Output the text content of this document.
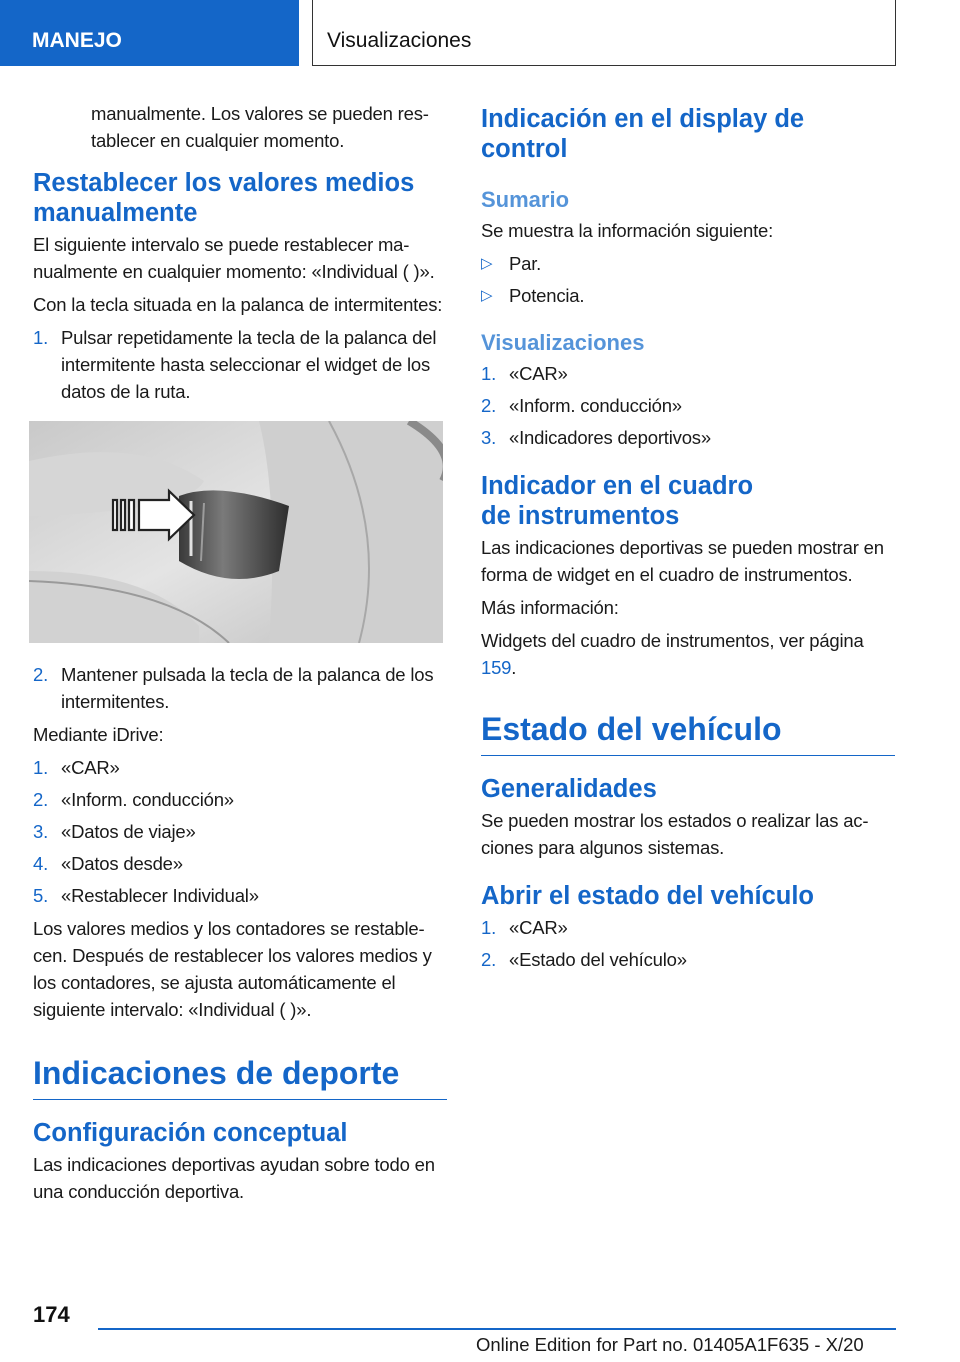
MANEJO	Visualizaciones

manualmente. Los valores se pueden restablecer en cualquier momento.

Restablecer los valores medios manualmente

El siguiente intervalo se puede restablecer manualmente en cualquier momento: «Individual ( )».

Con la tecla situada en la palanca de intermitentes:

1. Pulsar repetidamente la tecla de la palanca del intermitente hasta seleccionar el widget de los datos de la ruta.
2. Mantener pulsada la tecla de la palanca de los intermitentes.

Mediante iDrive:

1. «CAR»
2. «Inform. conducción»
3. «Datos de viaje»
4. «Datos desde»
5. «Restablecer Individual»

Los valores medios y los contadores se restablecen. Después de restablecer los valores medios y los contadores, se ajusta automáticamente el siguiente intervalo: «Individual ( )».

Indicaciones de deporte
Configuración conceptual

Las indicaciones deportivas ayudan sobre todo en una conducción deportiva.

Indicación en el display de control
Sumario

Se muestra la información siguiente:

▷ Par.
▷ Potencia.
Visualizaciones
1. «CAR»
2. «Inform. conducción»
3. «Indicadores deportivos»
Indicador en el cuadro de instrumentos

Las indicaciones deportivas se pueden mostrar en forma de widget en el cuadro de instrumentos.

Más información:

Widgets del cuadro de instrumentos, ver página 159.

Estado del vehículo
Generalidades

Se pueden mostrar los estados o realizar las acciones para algunos sistemas.

Abrir el estado del vehículo
1. «CAR»
2. «Estado del vehículo»
174
Online Edition for Part no. 01405A1F635 - X/20
